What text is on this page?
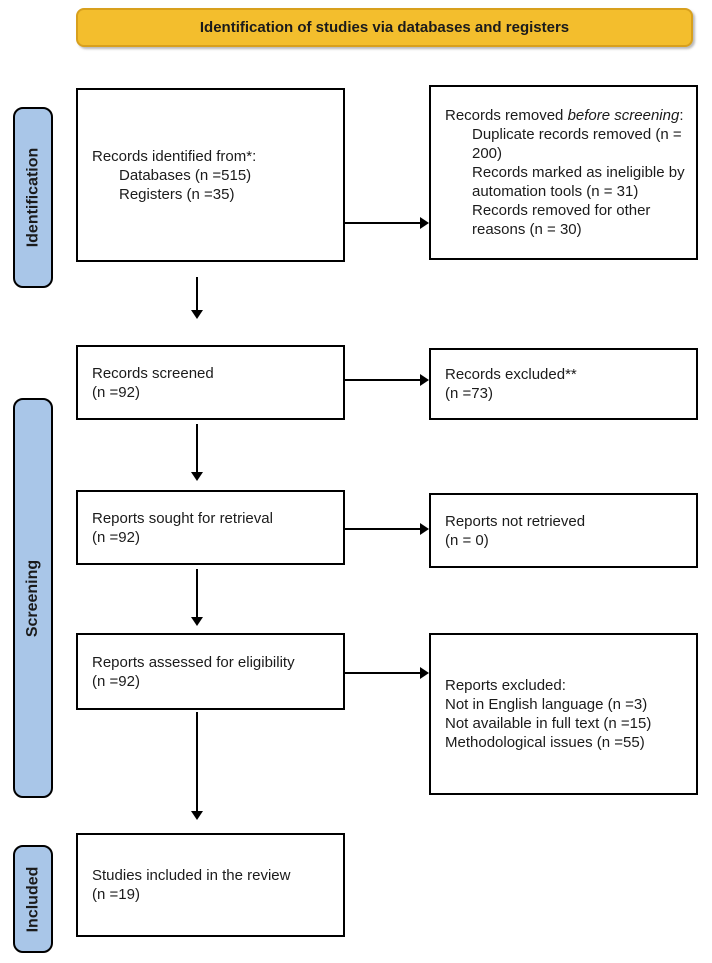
Identification of studies via databases and registers
Identification
Screening
Included
Records identified from*:
Databases (n =515)
Registers (n =35)
Records removed before screening:
Duplicate records removed (n = 200)
Records marked as ineligible by automation tools (n = 31)
Records removed for other reasons (n = 30)
Records screened
(n =92)
Records excluded**
(n =73)
Reports sought for retrieval
(n =92)
Reports not retrieved
(n = 0)
Reports assessed for eligibility
(n =92)	Reports excluded:
Not in English language (n =3)
Not available in full text (n =15)
Methodological issues (n =55)
Studies included in the review
(n =19)
